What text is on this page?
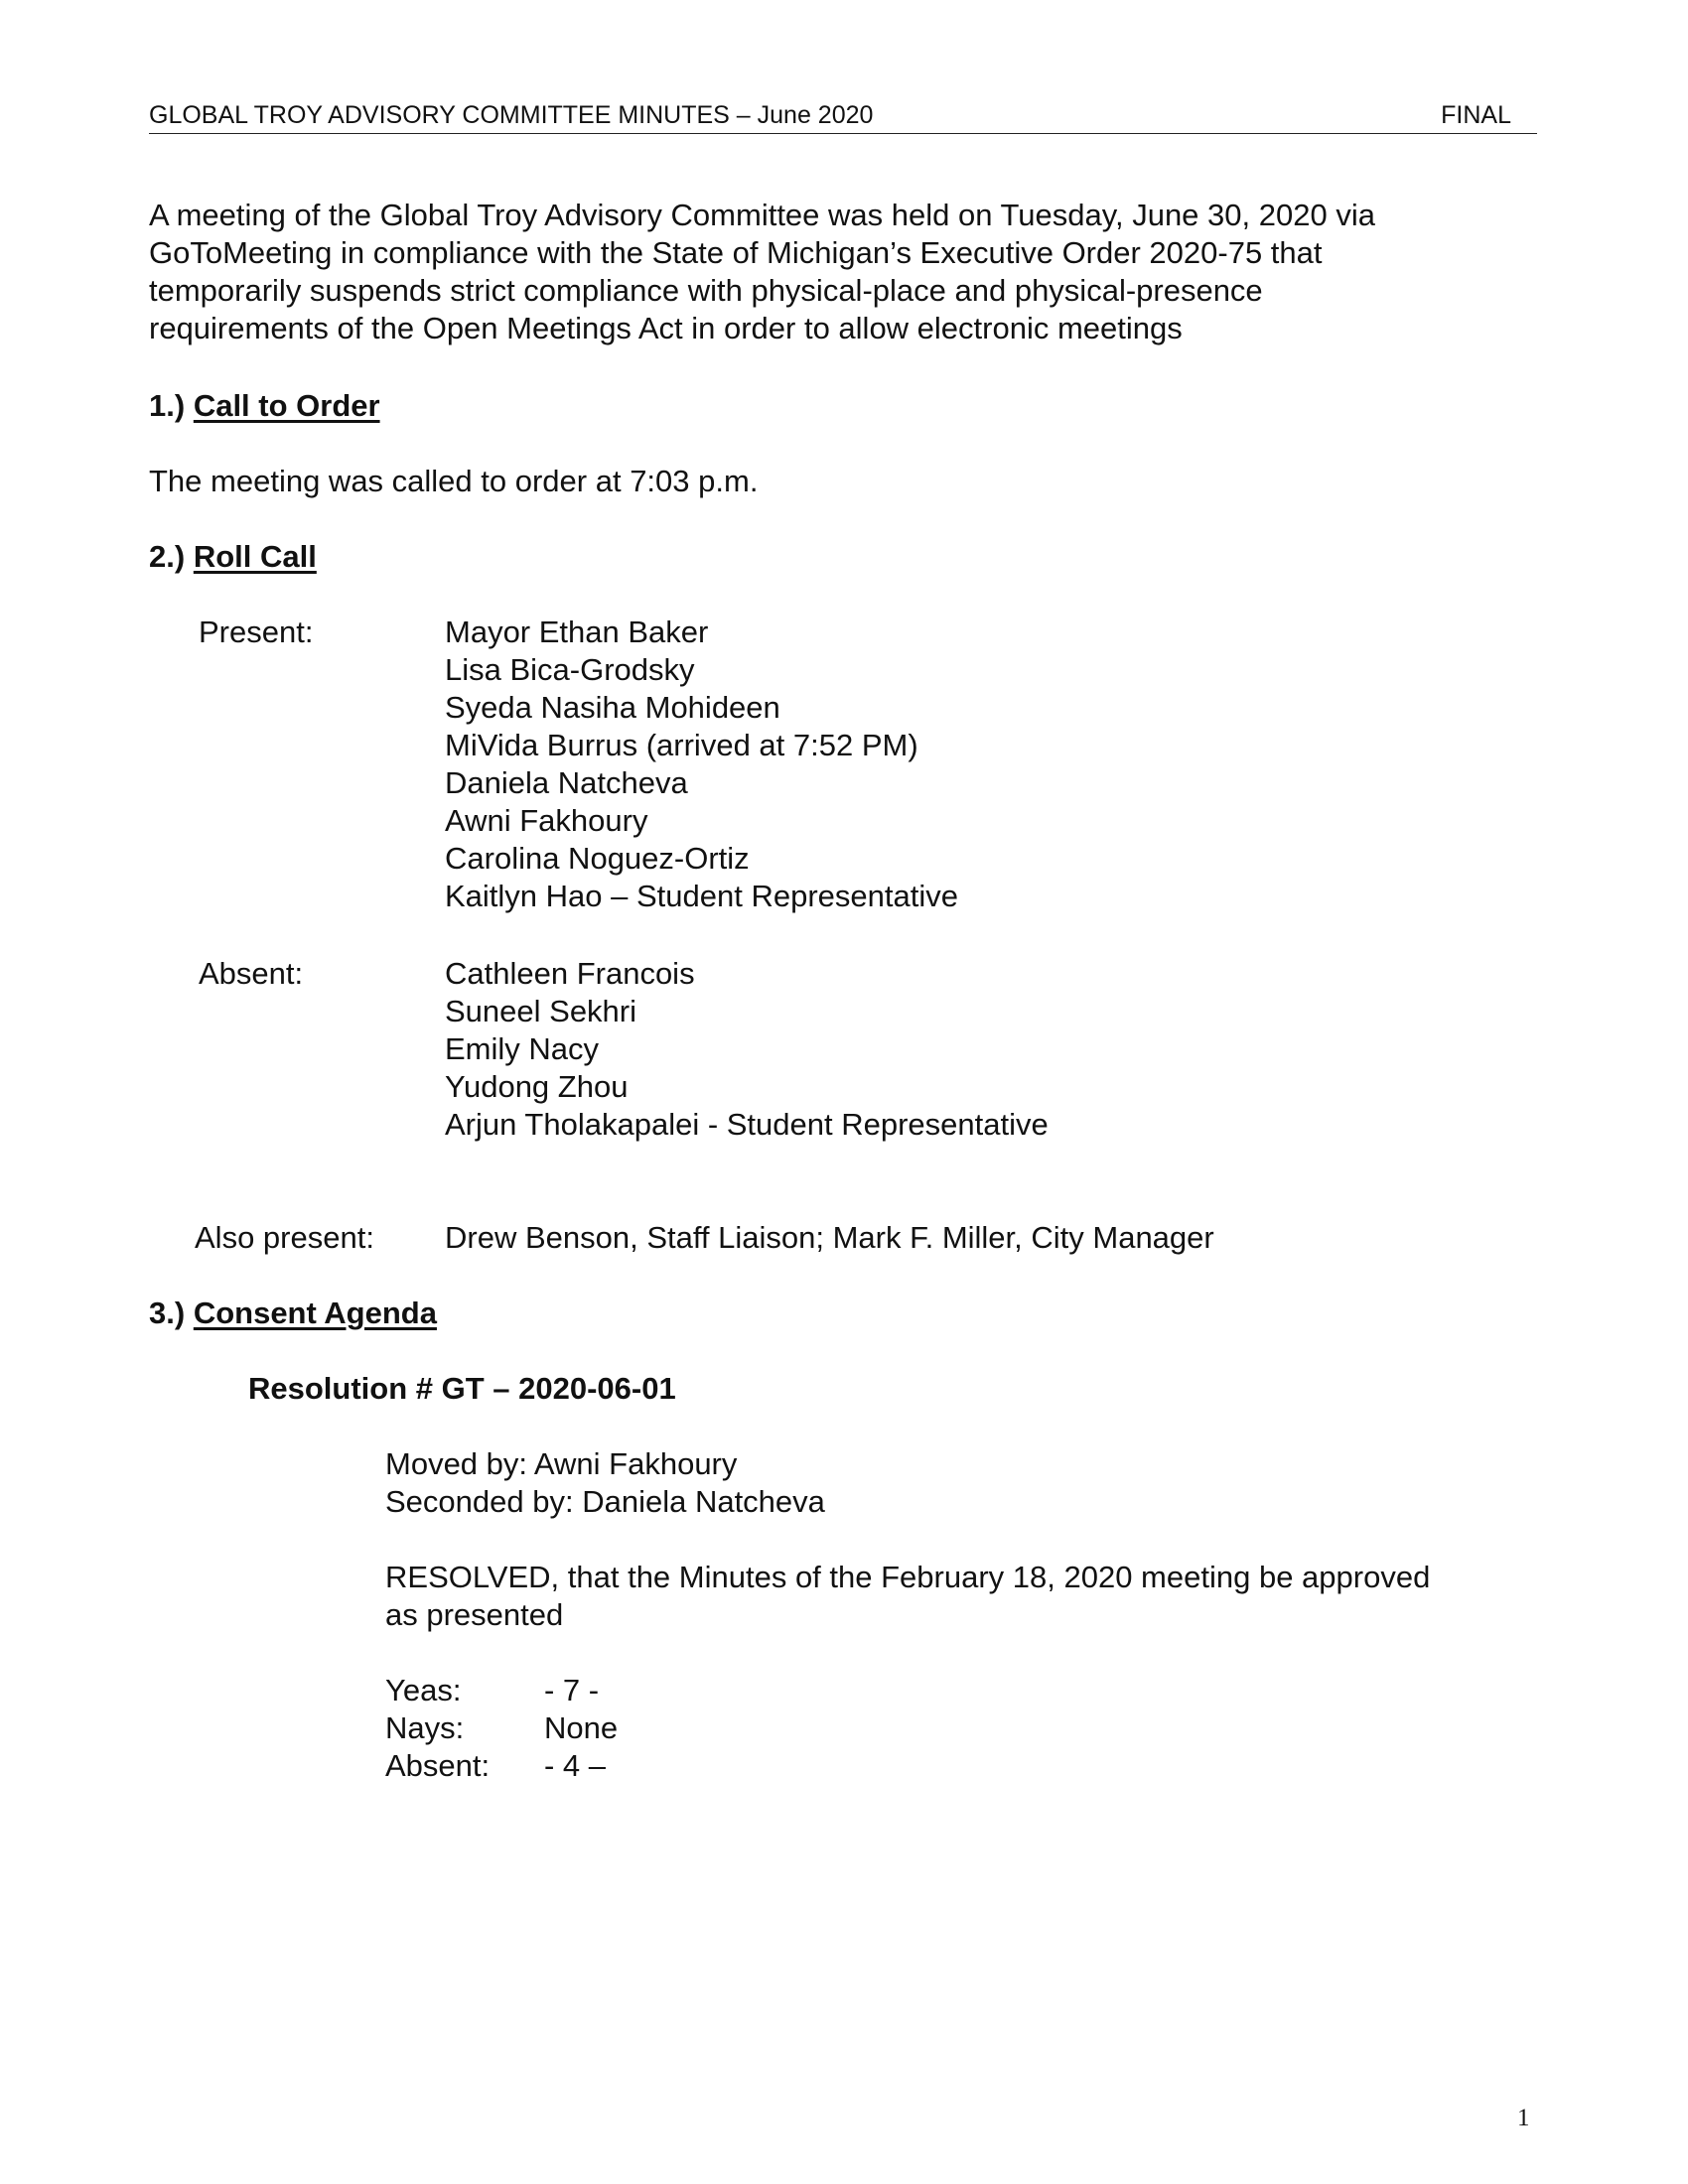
GLOBAL TROY ADVISORY COMMITTEE MINUTES – June 2020	FINAL
A meeting of the Global Troy Advisory Committee was held on Tuesday, June 30, 2020 via
GoToMeeting in compliance with the State of Michigan’s Executive Order 2020-75 that
temporarily suspends strict compliance with physical-place and physical-presence
requirements of the Open Meetings Act in order to allow electronic meetings
1.) Call to Order
The meeting was called to order at 7:03 p.m.
2.) Roll Call
Present:	Mayor Ethan Baker
Lisa Bica-Grodsky
Syeda Nasiha Mohideen
MiVida Burrus (arrived at 7:52 PM)
Daniela Natcheva
Awni Fakhoury
Carolina Noguez-Ortiz
Kaitlyn Hao – Student Representative
Absent:	Cathleen Francois
Suneel Sekhri
Emily Nacy
Yudong Zhou
Arjun Tholakapalei - Student Representative
Also present: Drew Benson, Staff Liaison; Mark F. Miller, City Manager
3.) Consent Agenda
Resolution # GT – 2020-06-01
Moved by: Awni Fakhoury
Seconded by: Daniela Natcheva
RESOLVED, that the Minutes of the February 18, 2020 meeting be approved
as presented
Yeas:	- 7 -
Nays:	None
Absent: - 4 –
1
